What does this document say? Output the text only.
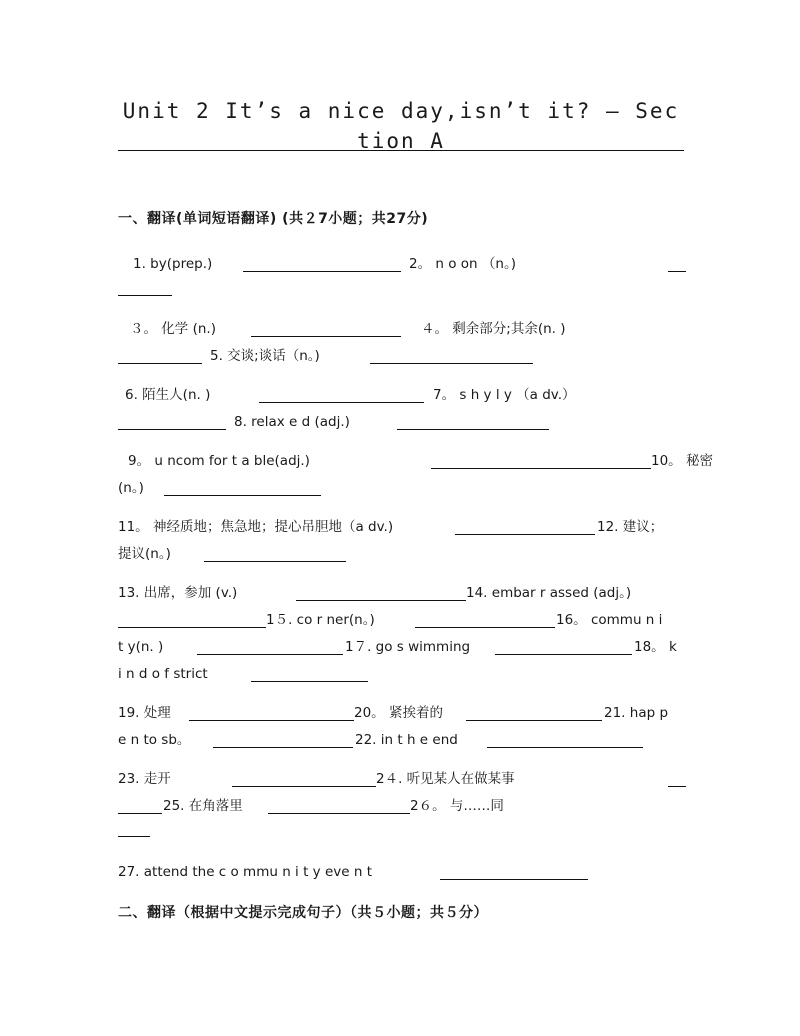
Unit 2 It’s a nice day,isn’t it? — Sec
tion A
一、翻译(单词短语翻译) (共２7小题；共27分)
1. by(prep.)	2。 n o on （n。)
３。 化学 (n.)	４。 剩余部分;其余(n. )
5. 交谈;谈话（n。)
6. 陌生人(n. )	7。 s h y l y （a dv.）
8. relax e d (adj.)
9。 u ncom for t a ble(adj.)	10。 秘密
(n。)
11。 神经质地；焦急地；提心吊胆地（a dv.)	12. 建议；
提议(n。)
13. 出席，参加 (v.)	14. embar r assed (adj。)
1５. co r ner(n。)	16。 commu n i
t y(n. )	1７. go s wimming	18。 k
i n d o f strict
19. 处理	20。 紧挨着的	21. hap p
e n to sb。	22. in t h e end
23. 走开	2４. 听见某人在做某事
25. 在角落里	2６。 与……同
27. attend the c o mmu n i t y eve n t
二、翻译（根据中文提示完成句子）（共５小题；共５分）
